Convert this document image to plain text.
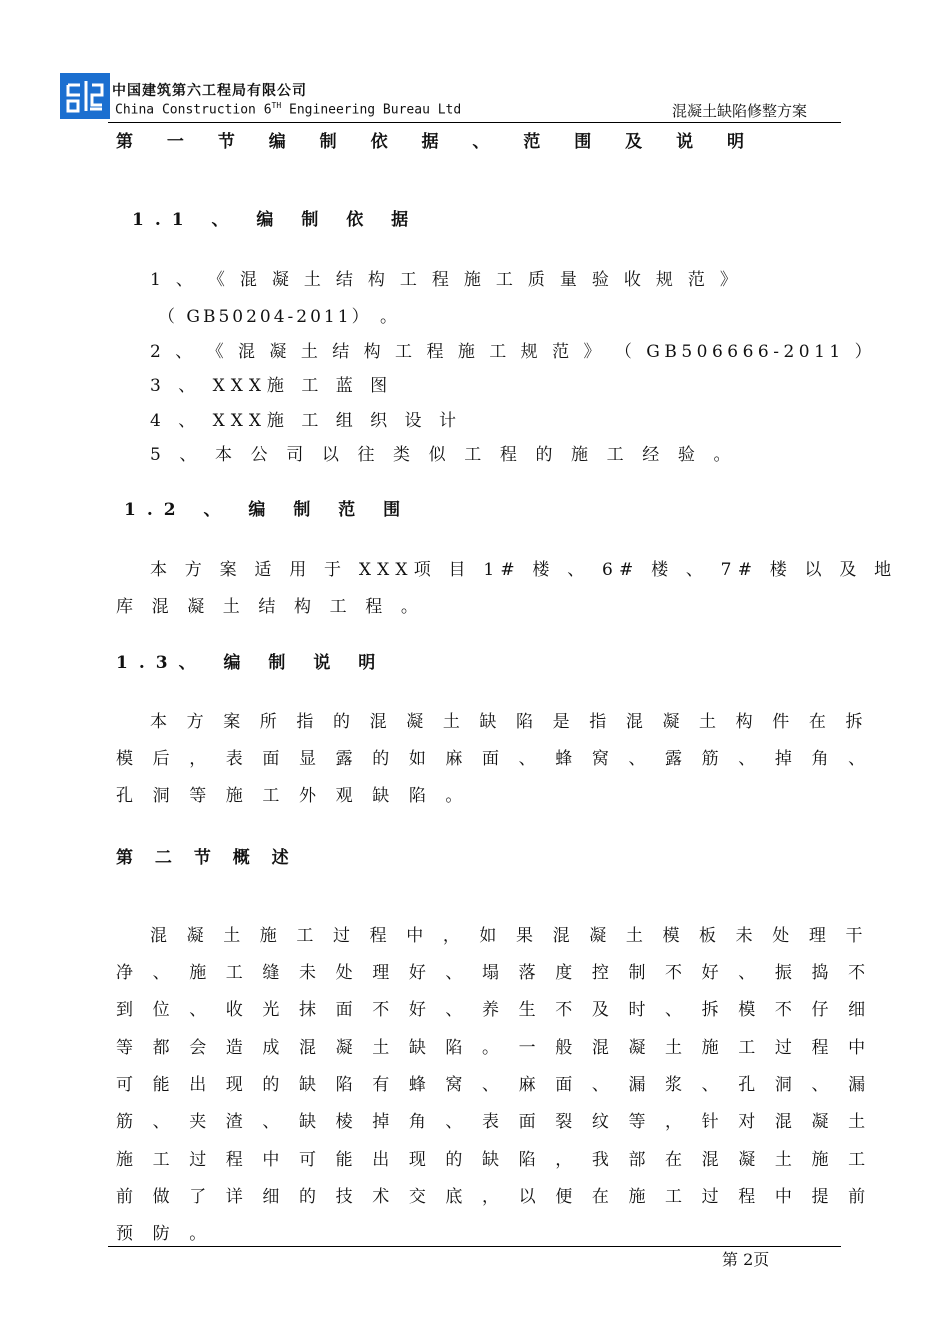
中国建筑第六工程局有限公司
China Construction 6TH Engineering Bureau Ltd	混凝土缺陷修整方案
第 一 节 编 制 依 据 、 范 围 及 说 明
1.1 、 编 制 依 据
1 、 《 混 凝 土 结 构 工 程 施 工 质 量 验 收 规 范 》
（ GB50204-2011） 。
2 、 《 混 凝 土 结 构 工 程 施 工 规 范 》 （ GB506666-2011 ）
3 、 XXX施 工 蓝 图
4 、 XXX施 工 组 织 设 计
5 、 本 公 司 以 往 类 似 工 程 的 施 工 经 验 。
1.2 、 编 制 范 围
本 方 案 适 用 于 XXX项 目 1# 楼 、 6# 楼 、 7# 楼 以 及 地
库 混 凝 土 结 构 工 程 。
1.3、 编 制 说 明
本 方 案 所 指 的 混 凝 土 缺 陷 是 指 混 凝 土 构 件 在 拆
模 后 ， 表 面 显 露 的 如 麻 面 、 蜂 窝 、 露 筋 、 掉 角 、
孔 洞 等 施 工 外 观 缺 陷 。
第 二 节 概 述
混 凝 土 施 工 过 程 中 ， 如 果 混 凝 土 模 板 未 处 理 干
净 、 施 工 缝 未 处 理 好 、 塌 落 度 控 制 不 好 、 振 捣 不
到 位 、 收 光 抹 面 不 好 、 养 生 不 及 时 、 拆 模 不 仔 细
等 都 会 造 成 混 凝 土 缺 陷 。 一 般 混 凝 土 施 工 过 程 中
可 能 出 现 的 缺 陷 有 蜂 窝 、 麻 面 、 漏 浆 、 孔 洞 、 漏
筋 、 夹 渣 、 缺 棱 掉 角 、 表 面 裂 纹 等 ， 针 对 混 凝 土
施 工 过 程 中 可 能 出 现 的 缺 陷 ， 我 部 在 混 凝 土 施 工
前 做 了 详 细 的 技 术 交 底 ， 以 便 在 施 工 过 程 中 提 前
预 防 。
第 2页
